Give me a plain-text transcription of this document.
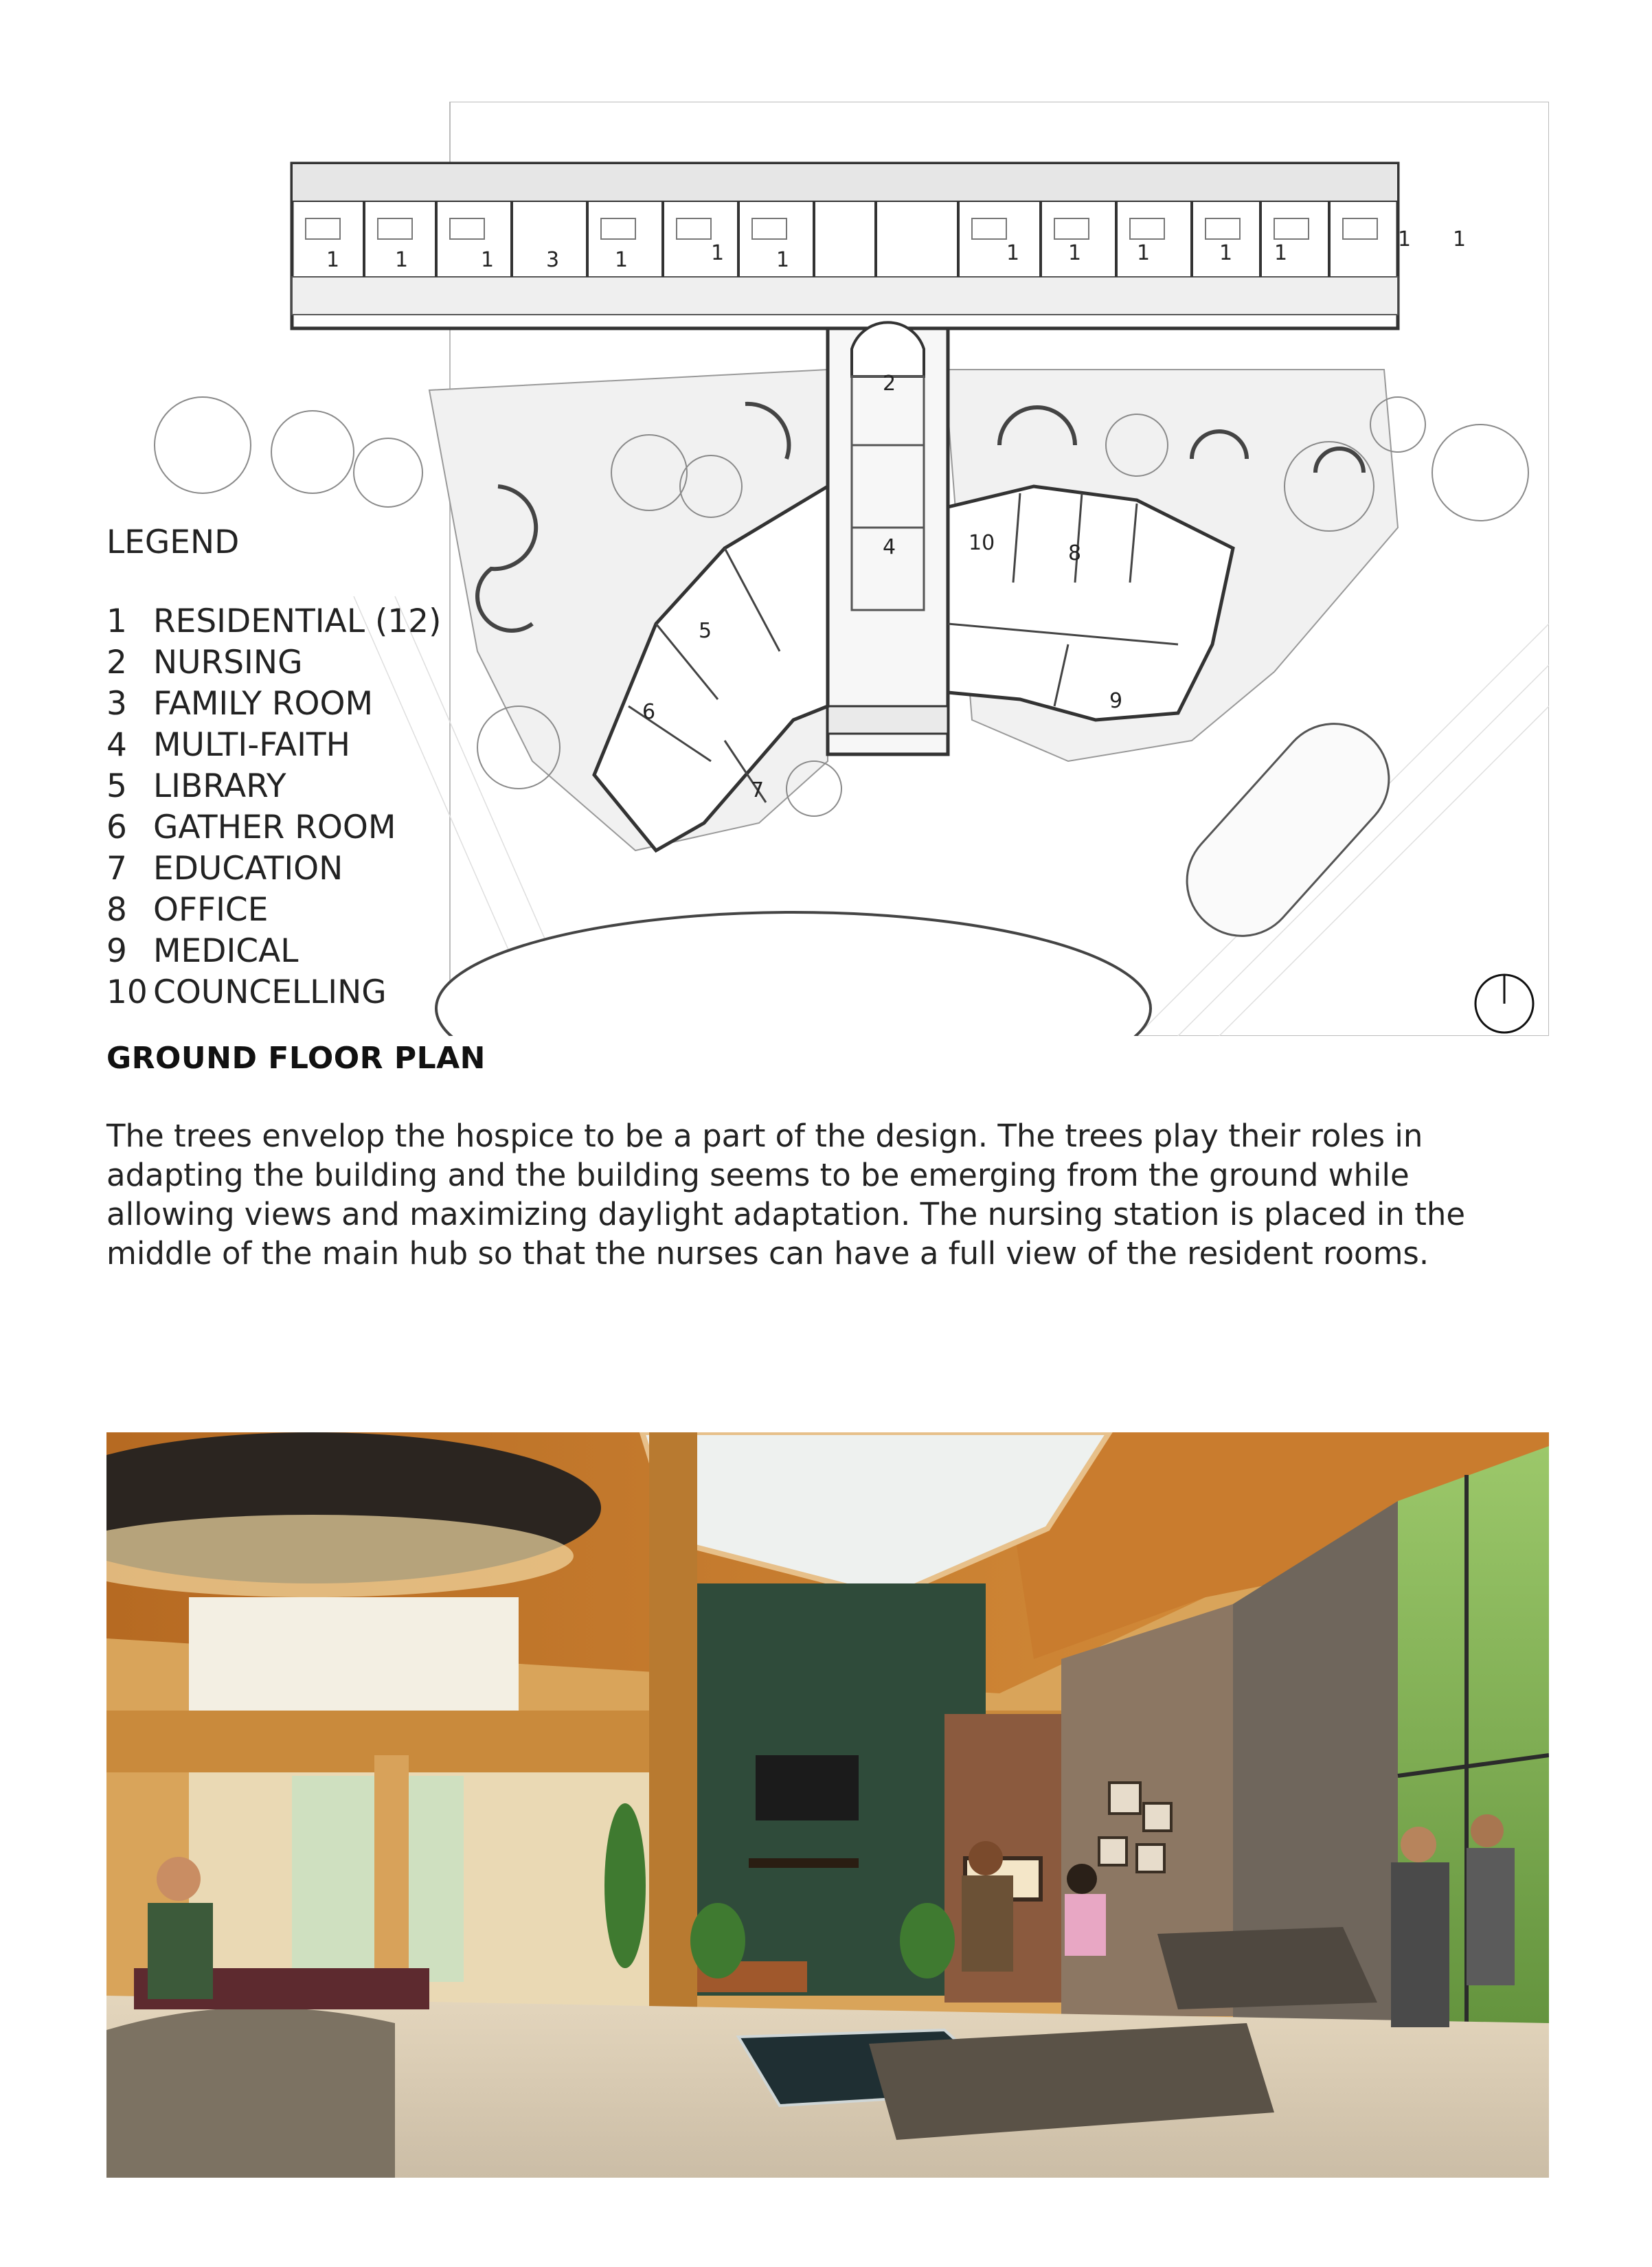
1	1	1	3	1	1	1	1 1	1	1 1
1 1
2
4
5
6
7
8
9
10
LEGEND
1 RESIDENTIAL (12)
2 NURSING
3 FAMILY ROOM
4 MULTI-FAITH
5 LIBRARY
6 GATHER ROOM
7 EDUCATION
8 OFFICE
9 MEDICAL
10 COUNCELLING
GROUND FLOOR PLAN
The trees envelop the hospice to be a part of the design. The trees play their roles in
adapting the building and the building seems to be emerging from the ground while
allowing views and maximizing daylight adaptation. The nursing station is placed in the
middle of the main hub so that the nurses can have a full view of the resident rooms.
